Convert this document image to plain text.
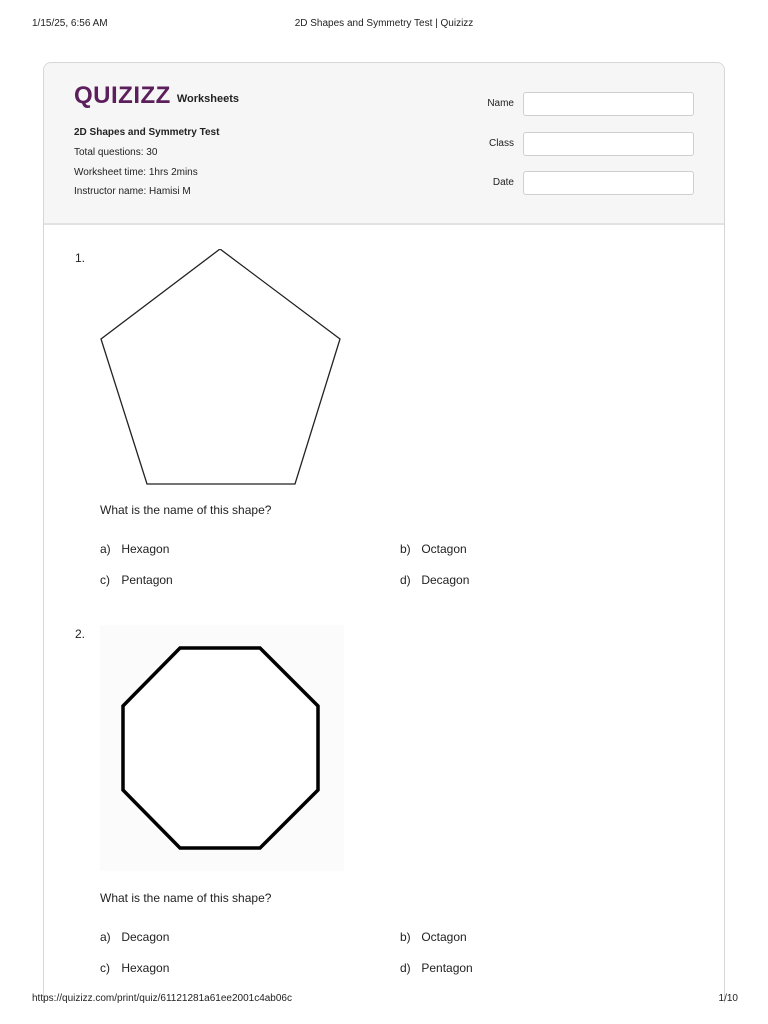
1/15/25, 6:56 AM	2D Shapes and Symmetry Test | Quizizz
QUIZIZZ Worksheets
2D Shapes and Symmetry Test
Total questions: 30
Worksheet time: 1hrs 2mins
Instructor name: Hamisi M
Name
Class
Date
1.
What is the name of this shape?
a) Hexagon	b) Octagon
c) Pentagon	d) Decagon
2.
What is the name of this shape?
a) Decagon	b) Octagon
c) Hexagon	d) Pentagon
https://quizizz.com/print/quiz/61121281a61ee2001c4ab06c	1/10
